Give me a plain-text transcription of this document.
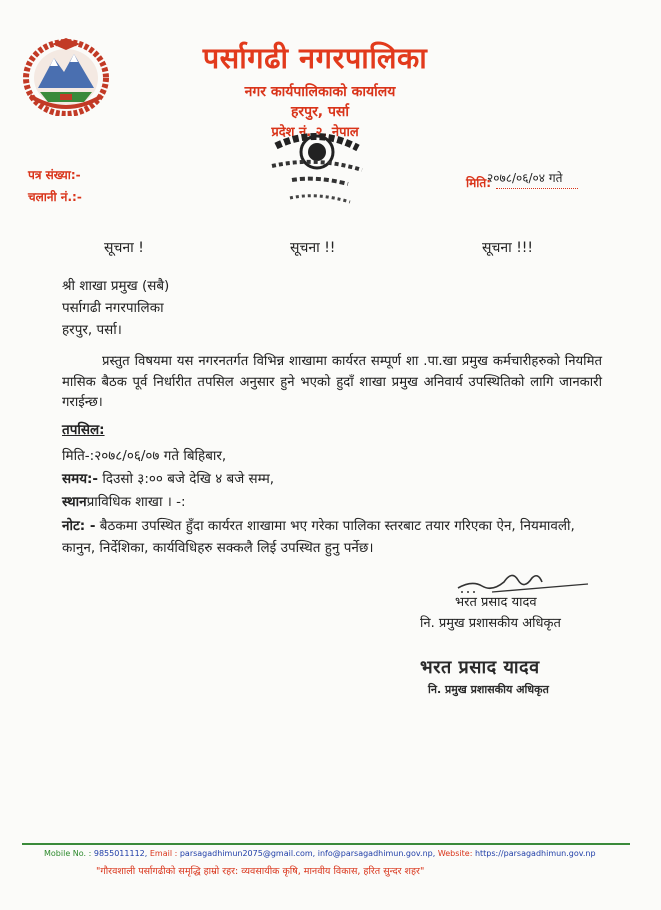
पर्सागढी नगरपालिका
नगर कार्यपालिकाको कार्यालय
हरपुर, पर्सा
प्रदेश नं. २, नेपाल
पत्र संख्या:-
चलानी नं.:-
मिति:
२०७८/०६/०४ गते
सूचना !	सूचना !!	सूचना !!!
श्री शाखा प्रमुख (सबै)
पर्सागढी नगरपालिका
हरपुर, पर्सा।
प्रस्तुत विषयमा यस नगरनतर्गत विभिन्न शाखामा कार्यरत सम्पूर्ण शा .पा.खा प्रमुख कर्मचारीहरुको नियमित मासिक बैठक पूर्व निर्धारीत तपसिल अनुसार हुने भएको हुदाँ शाखा प्रमुख अनिवार्य उपस्थितिको लागि जानकारी गराईन्छ।
तपसिल:
मिति-:२०७८/०६/०७ गते बिहिबार,
समय:- दिउसो ३:०० बजे देखि ४ बजे सम्म,
स्थानप्राविधिक शाखा । -:
नोट: - बैठकमा उपस्थित हुँदा कार्यरत शाखामा भए गरेका पालिका स्तरबाट तयार गरिएका ऐन, नियमावली, कानुन, निर्देशिका, कार्यविधिहरु सक्कलै लिई उपस्थित हुनु पर्नेछ।
भरत प्रसाद यादव
नि. प्रमुख प्रशासकीय अधिकृत
भरत प्रसाद यादव
नि. प्रमुख प्रशासकीय अधिकृत
Mobile No. : 9855011112, Email : parsagadhimun2075@gmail.com, info@parsagadhimun.gov.np, Website: https://parsagadhimun.gov.np
"गौरवशाली पर्सागढीको समृद्धि हाम्रो रहर: व्यवसायीक कृषि, मानवीय विकास, हरित सुन्दर शहर"
